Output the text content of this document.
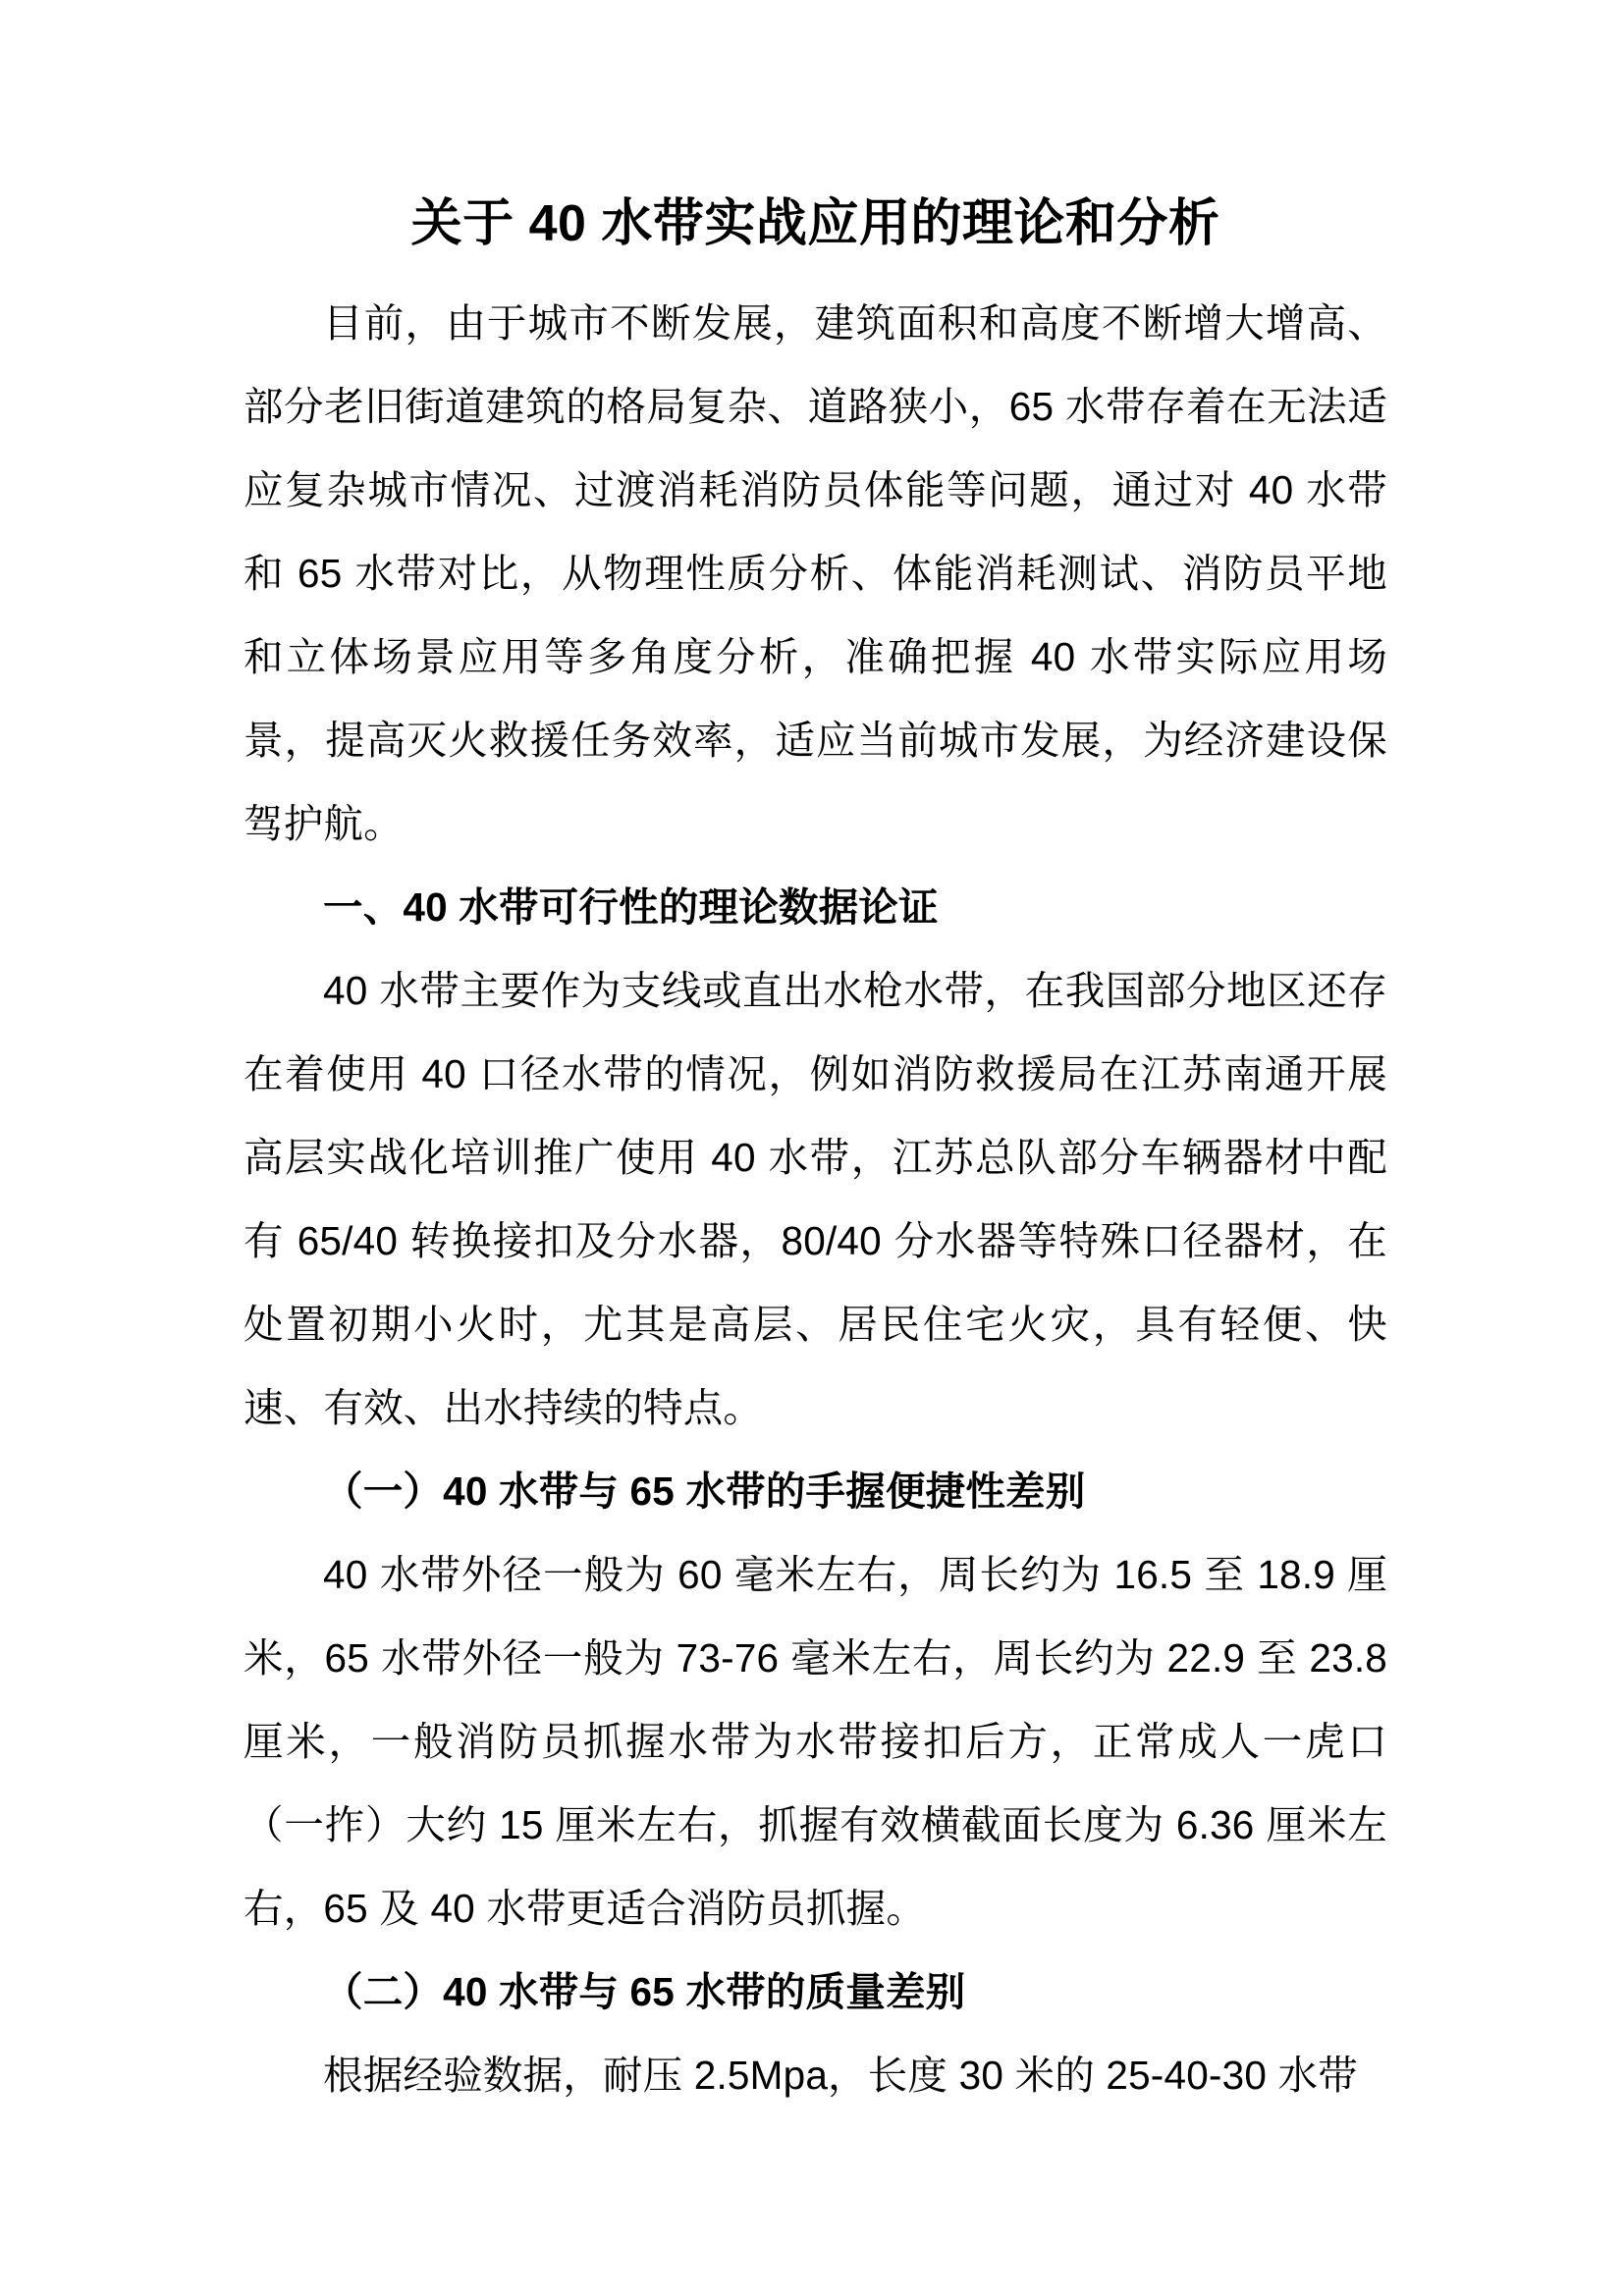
关于 40 水带实战应用的理论和分析

目前，由于城市不断发展，建筑面积和高度不断增大增高、部分老旧街道建筑的格局复杂、道路狭小，65 水带存着在无法适应复杂城市情况、过渡消耗消防员体能等问题，通过对 40 水带和 65 水带对比，从物理性质分析、体能消耗测试、消防员平地和立体场景应用等多角度分析，准确把握 40 水带实际应用场景，提高灭火救援任务效率，适应当前城市发展，为经济建设保驾护航。

一、40 水带可行性的理论数据论证

40 水带主要作为支线或直出水枪水带，在我国部分地区还存在着使用 40 口径水带的情况，例如消防救援局在江苏南通开展高层实战化培训推广使用 40 水带，江苏总队部分车辆器材中配有 65/40 转换接扣及分水器，80/40 分水器等特殊口径器材，在处置初期小火时，尤其是高层、居民住宅火灾，具有轻便、快速、有效、出水持续的特点。

（一）40 水带与 65 水带的手握便捷性差别

40 水带外径一般为 60 毫米左右，周长约为 16.5 至 18.9 厘米，65 水带外径一般为 73-76 毫米左右，周长约为 22.9 至 23.8 厘米，一般消防员抓握水带为水带接扣后方，正常成人一虎口（一拃）大约 15 厘米左右，抓握有效横截面长度为 6.36 厘米左右，65 及 40 水带更适合消防员抓握。

（二）40 水带与 65 水带的质量差别

根据经验数据，耐压 2.5Mpa，长度 30 米的 25-40-30 水带
